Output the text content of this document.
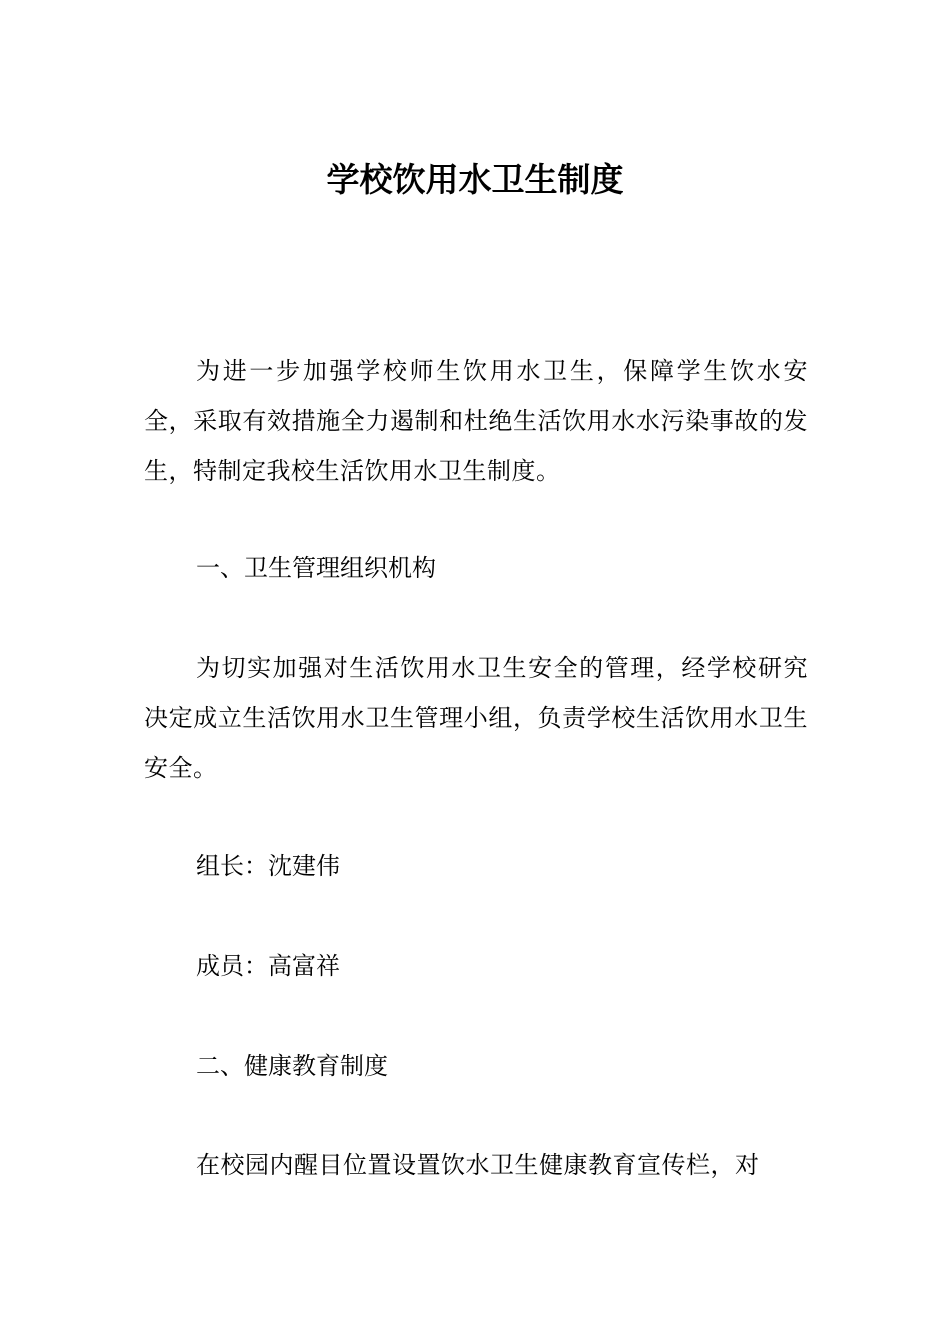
学校饮用水卫生制度

为进一步加强学校师生饮用水卫生，保障学生饮水安全，采取有效措施全力遏制和杜绝生活饮用水水污染事故的发生，特制定我校生活饮用水卫生制度。

一、卫生管理组织机构

为切实加强对生活饮用水卫生安全的管理，经学校研究决定成立生活饮用水卫生管理小组，负责学校生活饮用水卫生安全。

组长：沈建伟

成员：高富祥

二、健康教育制度

在校园内醒目位置设置饮水卫生健康教育宣传栏，对
